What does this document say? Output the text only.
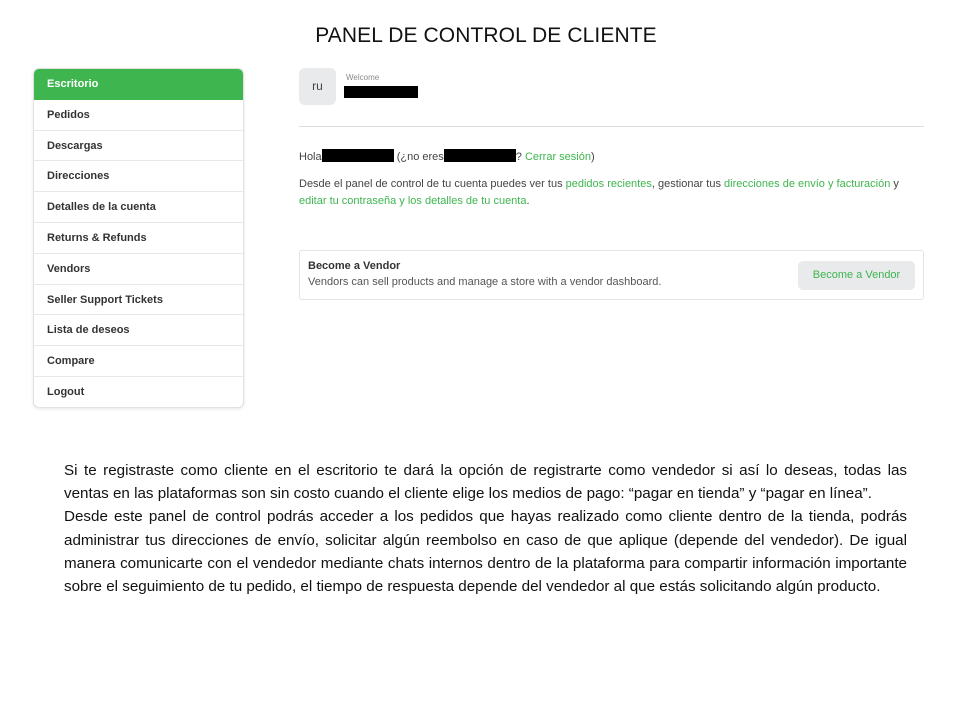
PANEL DE CONTROL DE CLIENTE
Escritorio
Pedidos
Descargas
Direcciones
Detalles de la cuenta
Returns & Refunds
Vendors
Seller Support Tickets
Lista de deseos
Compare
Logout
ru
Welcome
Hola	(¿no eres	? Cerrar sesión)
Desde el panel de control de tu cuenta puedes ver tus pedidos recientes, gestionar tus direcciones de envío y facturación y editar tu contraseña y los detalles de tu cuenta.
Become a Vendor
Vendors can sell products and manage a store with a vendor dashboard.
Become a Vendor

Si te registraste como cliente en el escritorio te dará la opción de registrarte como vendedor si así lo deseas, todas las ventas en las plataformas son sin costo cuando el cliente elige los medios de pago: “pagar en tienda” y “pagar en línea”.

Desde este panel de control podrás acceder a los pedidos que hayas realizado como cliente dentro de la tienda, podrás administrar tus direcciones de envío, solicitar algún reembolso en caso de que aplique (depende del vendedor). De igual manera comunicarte con el vendedor mediante chats internos dentro de la plataforma para compartir información importante sobre el seguimiento de tu pedido, el tiempo de respuesta depende del vendedor al que estás solicitando algún producto.
